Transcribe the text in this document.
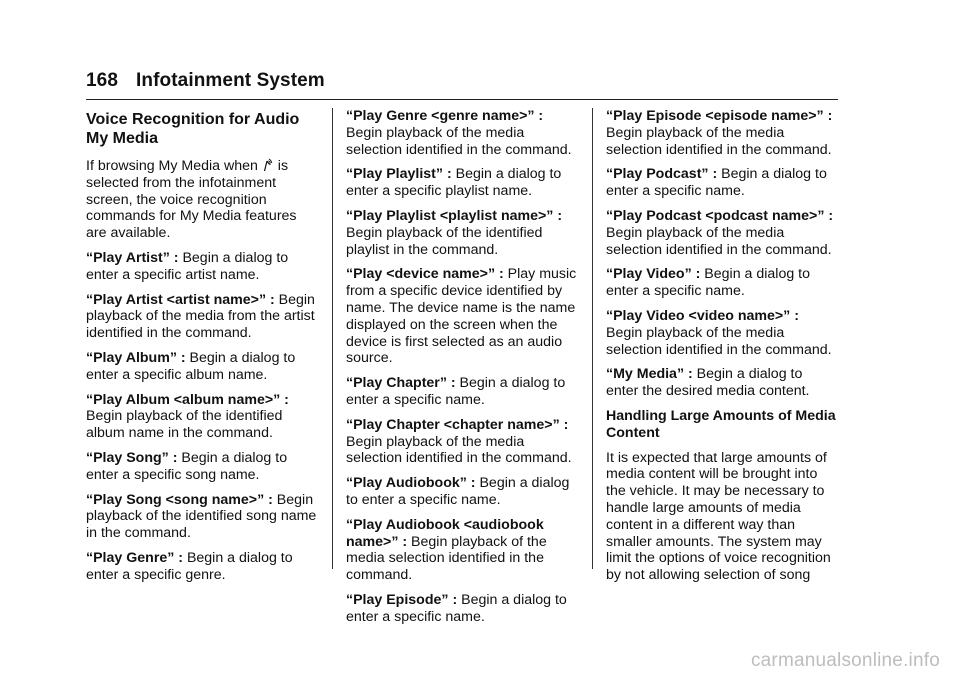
168 Infotainment System
Voice Recognition for Audio My Media

If browsing My Media when  is selected from the infotainment screen, the voice recognition commands for My Media features are available.

“Play Artist” : Begin a dialog to enter a specific artist name.

“Play Artist <artist name>” : Begin playback of the media from the artist identified in the command.

“Play Album” : Begin a dialog to enter a specific album name.

“Play Album <album name>” : Begin playback of the identified album name in the command.

“Play Song” : Begin a dialog to enter a specific song name.

“Play Song <song name>” : Begin playback of the identified song name in the command.

“Play Genre” : Begin a dialog to enter a specific genre.

“Play Genre <genre name>” : Begin playback of the media selection identified in the command.

“Play Playlist” : Begin a dialog to enter a specific playlist name.

“Play Playlist <playlist name>” : Begin playback of the identified playlist in the command.

“Play <device name>” : Play music from a specific device identified by name. The device name is the name displayed on the screen when the device is first selected as an audio source.

“Play Chapter” : Begin a dialog to enter a specific name.

“Play Chapter <chapter name>” : Begin playback of the media selection identified in the command.

“Play Audiobook” : Begin a dialog to enter a specific name.

“Play Audiobook <audiobook name>” : Begin playback of the media selection identified in the command.

“Play Episode” : Begin a dialog to enter a specific name.

“Play Episode <episode name>” : Begin playback of the media selection identified in the command.

“Play Podcast” : Begin a dialog to enter a specific name.

“Play Podcast <podcast name>” : Begin playback of the media selection identified in the command.

“Play Video” : Begin a dialog to enter a specific name.

“Play Video <video name>” : Begin playback of the media selection identified in the command.

“My Media” : Begin a dialog to enter the desired media content.

Handling Large Amounts of Media Content

It is expected that large amounts of media content will be brought into the vehicle. It may be necessary to handle large amounts of media content in a different way than smaller amounts. The system may limit the options of voice recognition by not allowing selection of song

carmanualsonline.info
